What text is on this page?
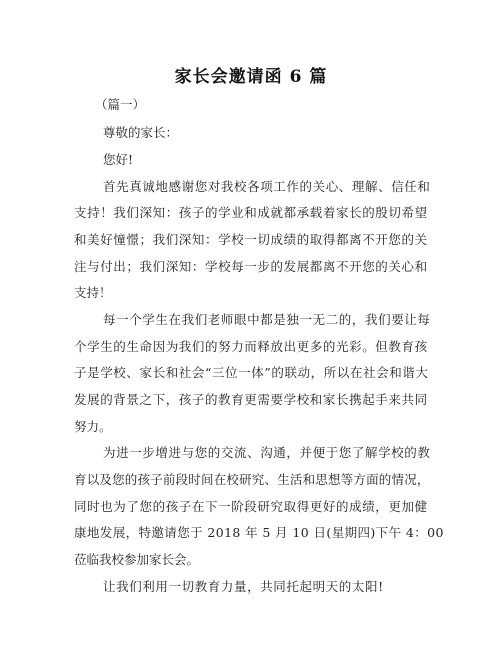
家长会邀请函 6 篇
（篇一）
尊敬的家长：
您好!
首先真诚地感谢您对我校各项工作的关心、理解、信任和
支持！我们深知：孩子的学业和成就都承载着家长的殷切希望
和美好憧憬；我们深知：学校一切成绩的取得都离不开您的关
注与付出；我们深知：学校每一步的发展都离不开您的关心和
支持！
每一个学生在我们老师眼中都是独一无二的，我们要让每
个学生的生命因为我们的努力而释放出更多的光彩。但教育孩
子是学校、家长和社会“三位一体”的联动，所以在社会和谐大
发展的背景之下，孩子的教育更需要学校和家长携起手来共同
努力。
为进一步增进与您的交流、沟通，并便于您了解学校的教
育以及您的孩子前段时间在校研究、生活和思想等方面的情况，
同时也为了您的孩子在下一阶段研究取得更好的成绩，更加健
康地发展，特邀请您于 2018 年 5 月 10 日(星期四)下午 4：00
莅临我校参加家长会。
让我们利用一切教育力量，共同托起明天的太阳!
